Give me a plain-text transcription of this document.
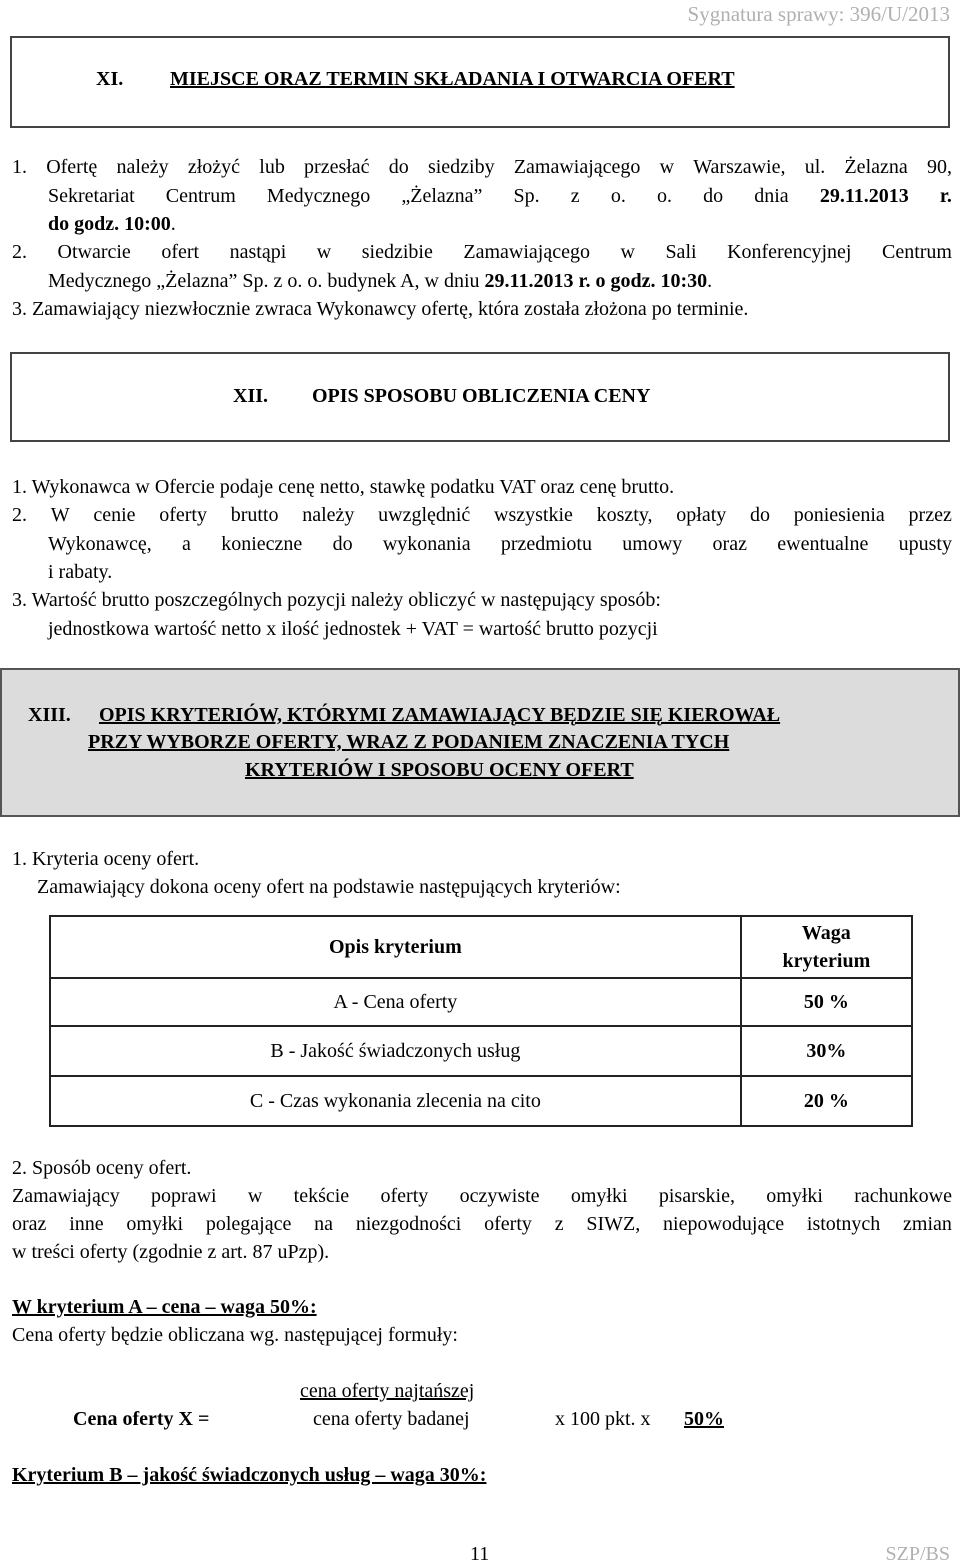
Sygnatura sprawy: 396/U/2013
XI. MIEJSCE ORAZ TERMIN SKŁADANIA I OTWARCIA OFERT
1. Ofertę należy złożyć lub przesłać do siedziby Zamawiającego w Warszawie, ul. Żelazna 90,
Sekretariat Centrum Medycznego „Żelazna” Sp. z o. o. do dnia 29.11.2013 r.
do godz. 10:00.
2. Otwarcie ofert nastąpi w siedzibie Zamawiającego w Sali Konferencyjnej Centrum
Medycznego „Żelazna” Sp. z o. o. budynek A, w dniu 29.11.2013 r. o godz. 10:30.
3. Zamawiający niezwłocznie zwraca Wykonawcy ofertę, która została złożona po terminie.
XII. OPIS SPOSOBU OBLICZENIA CENY
1. Wykonawca w Ofercie podaje cenę netto, stawkę podatku VAT oraz cenę brutto.
2. W cenie oferty brutto należy uwzględnić wszystkie koszty, opłaty do poniesienia przez
Wykonawcę, a konieczne do wykonania przedmiotu umowy oraz ewentualne upusty
i rabaty.
3. Wartość brutto poszczególnych pozycji należy obliczyć w następujący sposób:
jednostkowa wartość netto x ilość jednostek + VAT = wartość brutto pozycji
XIII. OPIS KRYTERIÓW, KTÓRYMI ZAMAWIAJĄCY BĘDZIE SIĘ KIEROWAŁ
PRZY WYBORZE OFERTY, WRAZ Z PODANIEM ZNACZENIA TYCH
KRYTERIÓW I SPOSOBU OCENY OFERT
1. Kryteria oceny ofert.
Zamawiający dokona oceny ofert na podstawie następujących kryteriów:
Opis kryterium	Waga
kryterium
A - Cena oferty	50 %
B - Jakość świadczonych usług	30%
C - Czas wykonania zlecenia na cito	20 %
2. Sposób oceny ofert.
Zamawiający poprawi w tekście oferty oczywiste omyłki pisarskie, omyłki rachunkowe
oraz inne omyłki polegające na niezgodności oferty z SIWZ, niepowodujące istotnych zmian
w treści oferty (zgodnie z art. 87 uPzp).
W kryterium A – cena – waga 50%:
Cena oferty będzie obliczana wg. następującej formuły:
cena oferty najtańszej
Cena oferty X =	cena oferty badanej	x 100 pkt. x 50%
Kryterium B – jakość świadczonych usług – waga 30%:
11	SZP/BS
